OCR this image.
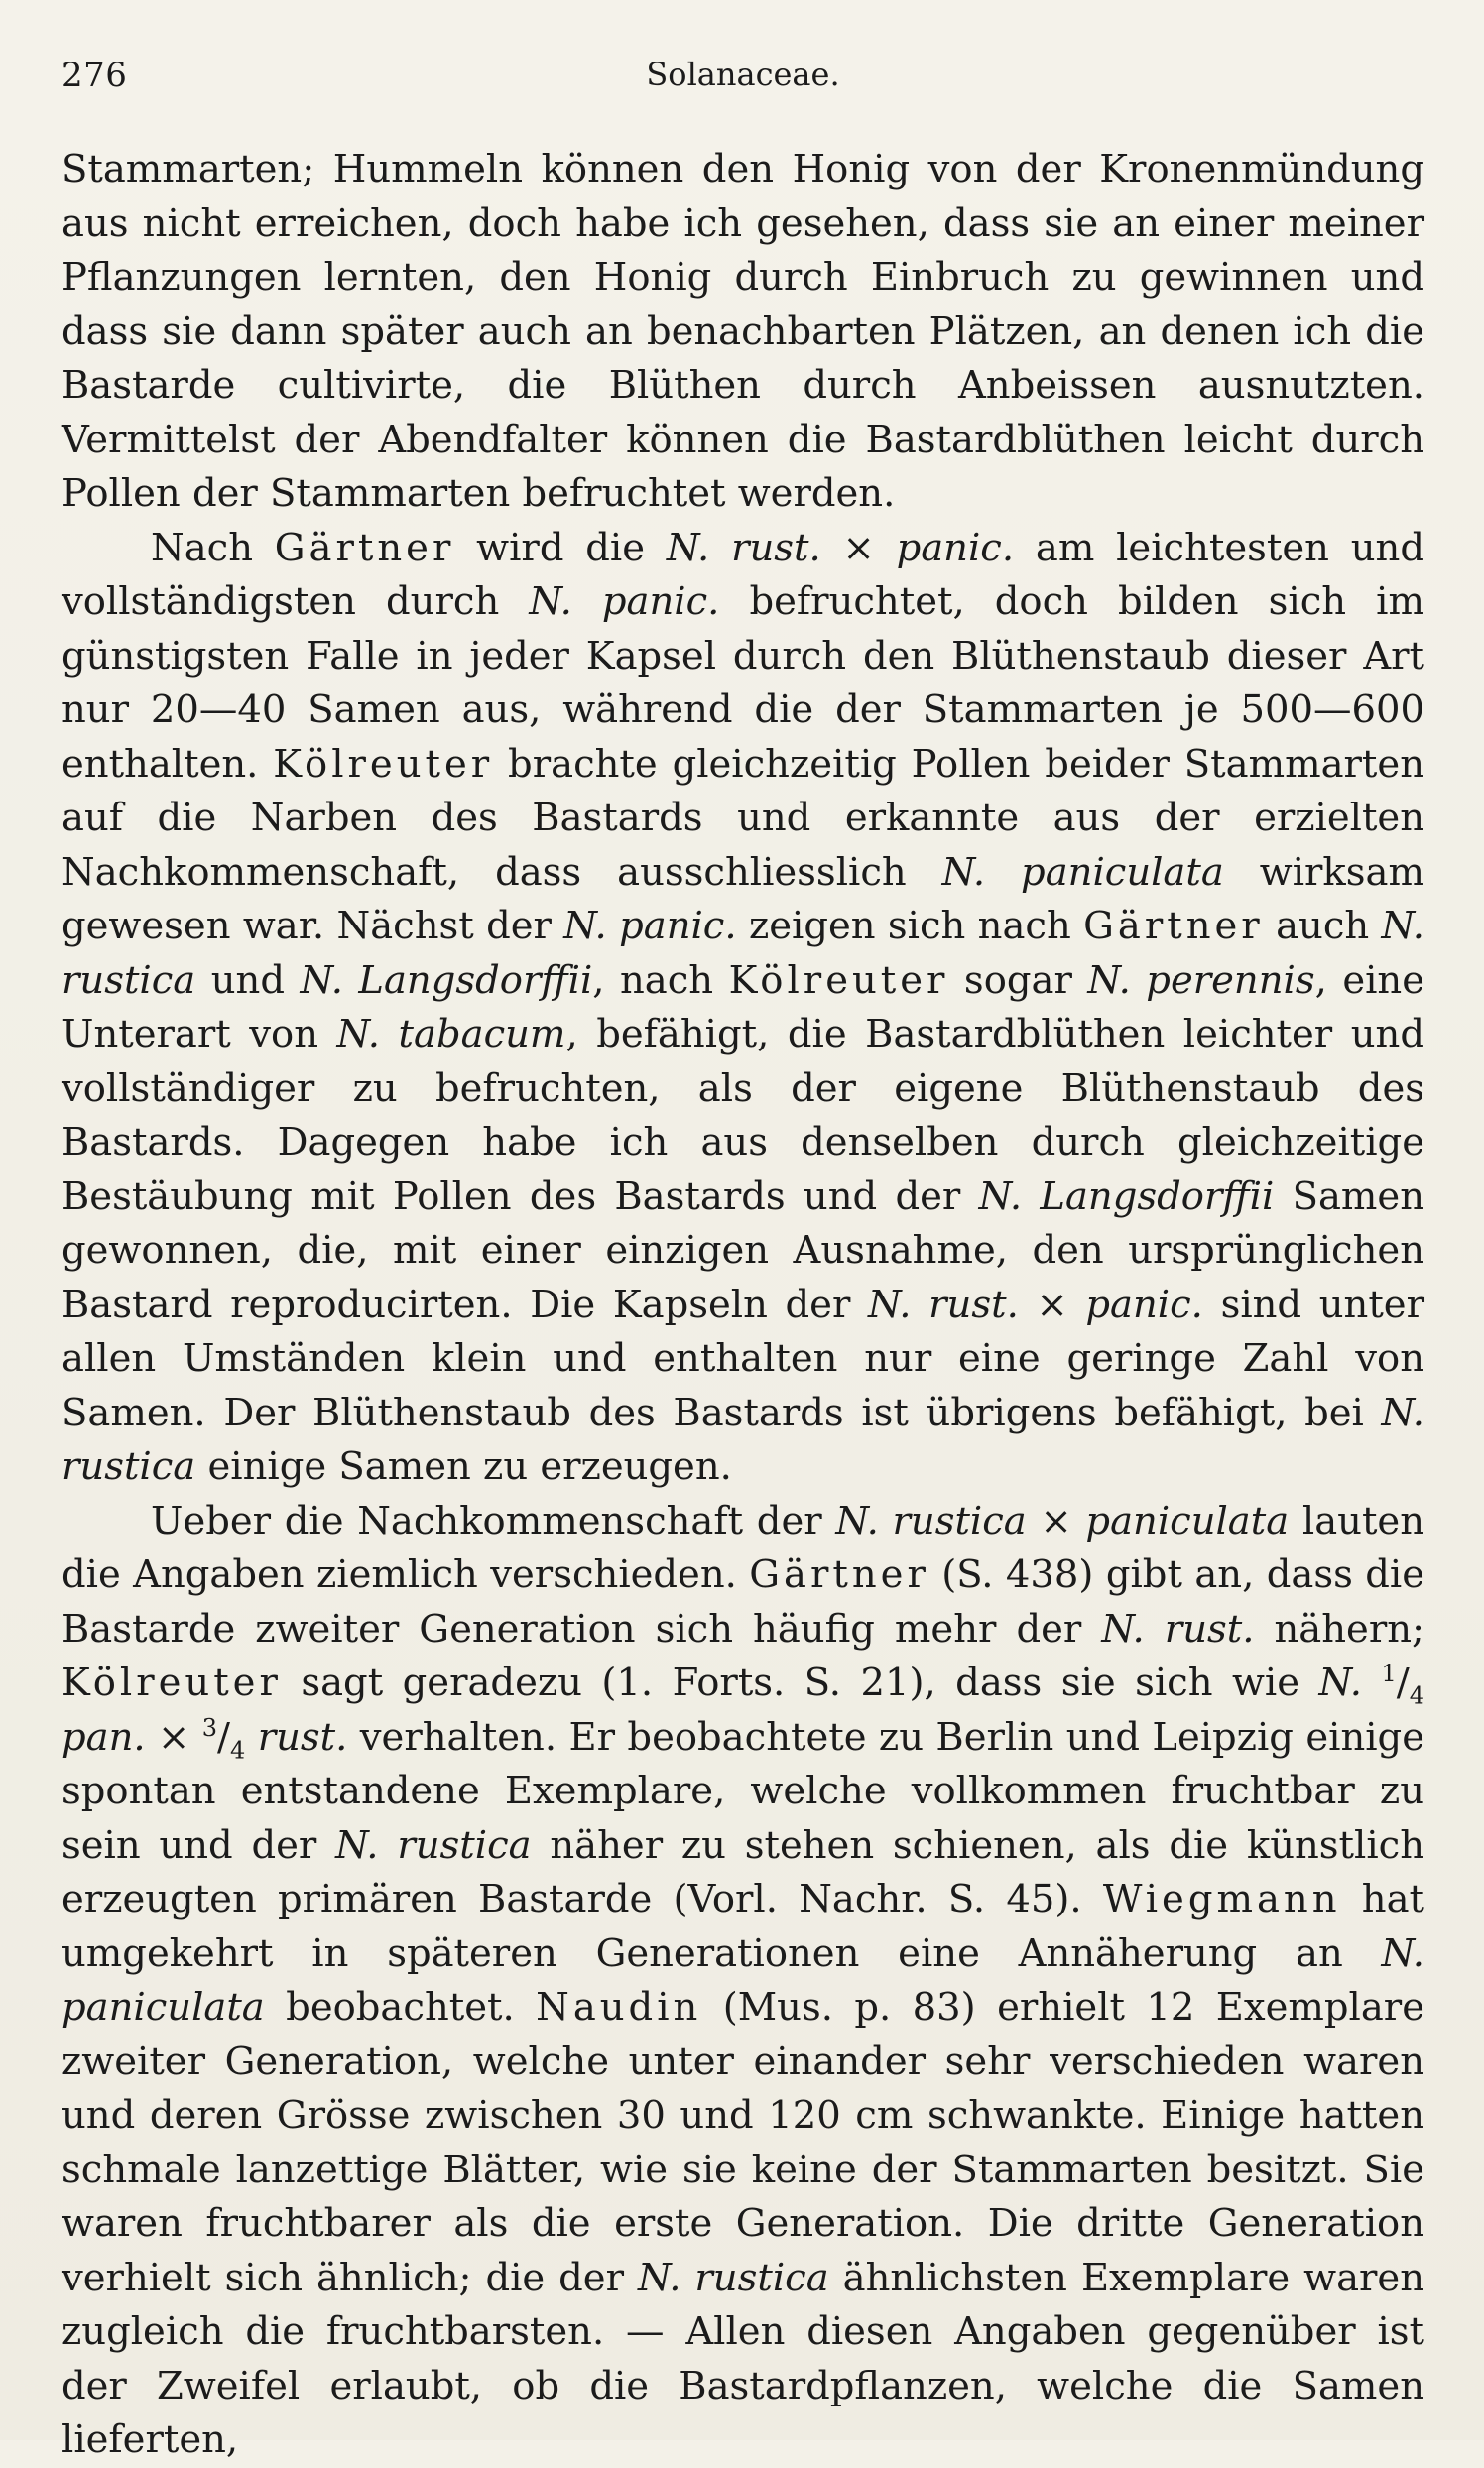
276	Solanaceae.

Stammarten; Hummeln können den Honig von der Kronenmündung aus nicht erreichen, doch habe ich gesehen, dass sie an einer meiner Pflanzungen lernten, den Honig durch Einbruch zu gewinnen und dass sie dann später auch an benachbarten Plätzen, an denen ich die Bastarde cultivirte, die Blüthen durch Anbeissen ausnutzten. Vermittelst der Abendfalter können die Bastardblüthen leicht durch Pollen der Stammarten befruchtet werden.

Nach Gärtner wird die N. rust. × panic. am leichtesten und vollständigsten durch N. panic. befruchtet, doch bilden sich im günstigsten Falle in jeder Kapsel durch den Blüthenstaub dieser Art nur 20—40 Samen aus, während die der Stammarten je 500—600 enthalten. Kölreuter brachte gleichzeitig Pollen beider Stammarten auf die Narben des Bastards und erkannte aus der erzielten Nachkommenschaft, dass ausschliesslich N. paniculata wirksam gewesen war. Nächst der N. panic. zeigen sich nach Gärtner auch N. rustica und N. Langsdorffii, nach Kölreuter sogar N. perennis, eine Unterart von N. tabacum, befähigt, die Bastardblüthen leichter und vollständiger zu befruchten, als der eigene Blüthenstaub des Bastards. Dagegen habe ich aus denselben durch gleichzeitige Bestäubung mit Pollen des Bastards und der N. Langsdorffii Samen gewonnen, die, mit einer einzigen Ausnahme, den ursprünglichen Bastard reproducirten. Die Kapseln der N. rust. × panic. sind unter allen Umständen klein und enthalten nur eine geringe Zahl von Samen. Der Blüthenstaub des Bastards ist übrigens befähigt, bei N. rustica einige Samen zu erzeugen.

Ueber die Nachkommenschaft der N. rustica × paniculata lauten die Angaben ziemlich verschieden. Gärtner (S. 438) gibt an, dass die Bastarde zweiter Generation sich häufig mehr der N. rust. nähern; Kölreuter sagt geradezu (1. Forts. S. 21), dass sie sich wie N. $^1/_4$ pan. × $^3/_4$ rust. verhalten. Er beobachtete zu Berlin und Leipzig einige spontan entstandene Exemplare, welche vollkommen fruchtbar zu sein und der N. rustica näher zu stehen schienen, als die künstlich erzeugten primären Bastarde (Vorl. Nachr. S. 45). Wiegmann hat umgekehrt in späteren Generationen eine Annäherung an N. paniculata beobachtet. Naudin (Mus. p. 83) erhielt 12 Exemplare zweiter Generation, welche unter einander sehr verschieden waren und deren Grösse zwischen 30 und 120 cm schwankte. Einige hatten schmale lanzettige Blätter, wie sie keine der Stammarten besitzt. Sie waren fruchtbarer als die erste Generation. Die dritte Generation verhielt sich ähnlich; die der N. rustica ähnlichsten Exemplare waren zugleich die fruchtbarsten. — Allen diesen Angaben gegenüber ist der Zweifel erlaubt, ob die Bastardpflanzen, welche die Samen lieferten,
